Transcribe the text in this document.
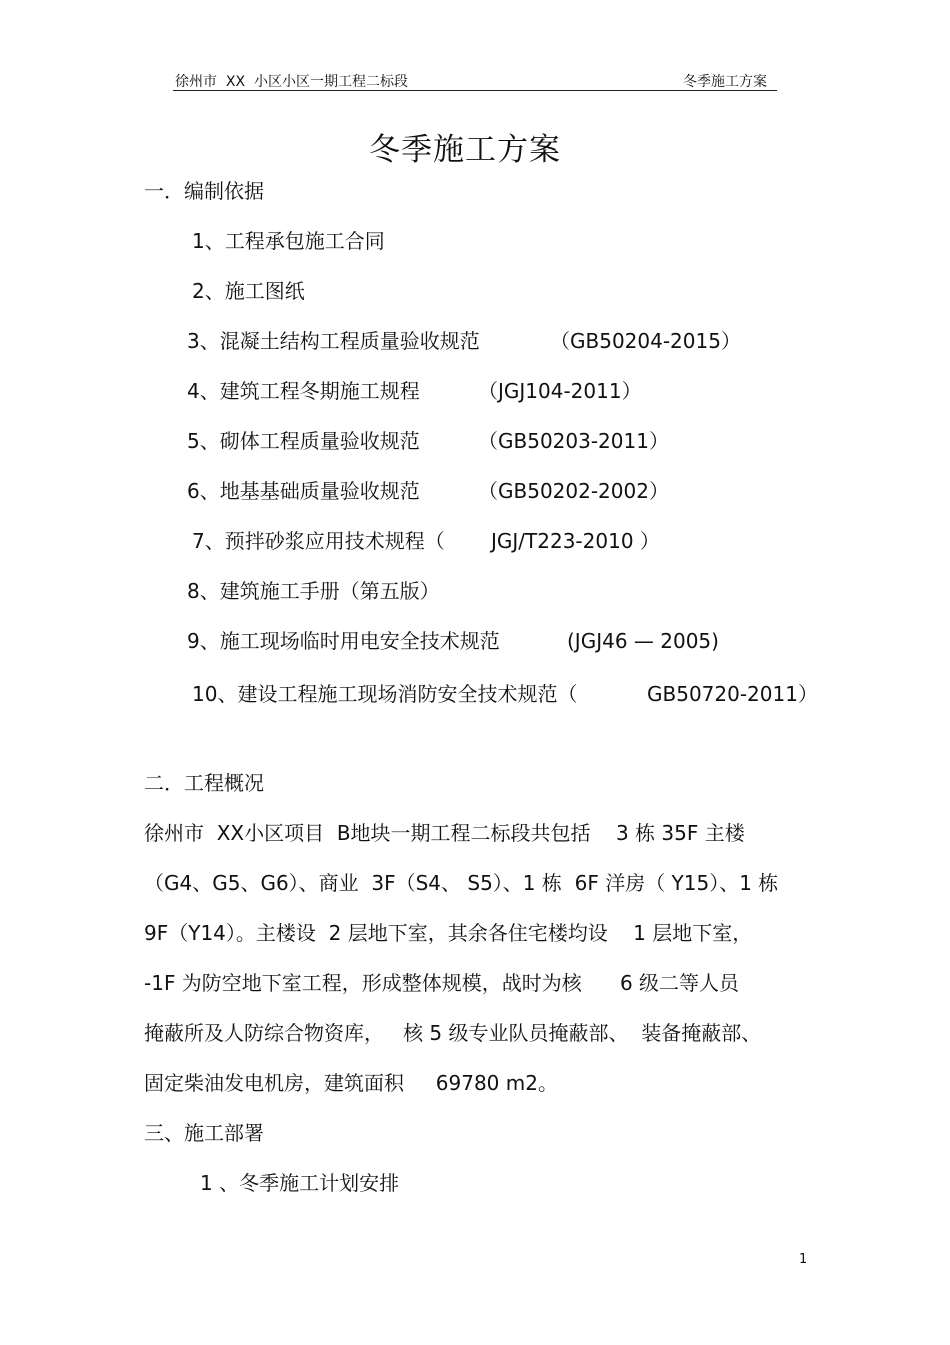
徐州市  XX  小区小区一期工程二标段	冬季施工方案
冬季施工方案
一．编制依据
1、工程承包施工合同
2、施工图纸
3、混凝土结构工程质量验收规范	（GB50204-2015）
4、建筑工程冬期施工规程	（JGJ104-2011）
5、砌体工程质量验收规范	（GB50203-2011）
6、地基基础质量验收规范	（GB50202-2002）
7、预拌砂浆应用技术规程（ JGJ/T223-2010 ）
8、建筑施工手册（第五版）
9、施工现场临时用电安全技术规范	(JGJ46 — 2005)
10、建设工程施工现场消防安全技术规范（	GB50720-2011）
二．工程概况
徐州市  XX小区项目  B地块一期工程二标段共包括    3 栋 35F 主楼
（G4、G5、G6）、商业  3F（S4、 S5）、1 栋  6F 洋房（ Y15）、1 栋
9F（Y14）。主楼设  2 层地下室，其余各住宅楼均设    1 层地下室，
-1F 为防空地下室工程，形成整体规模，战时为核      6 级二等人员
掩蔽所及人防综合物资库，   核 5 级专业队员掩蔽部、  装备掩蔽部、
固定柴油发电机房，建筑面积     69780 m2。
三、施工部署
1 、冬季施工计划安排
1
